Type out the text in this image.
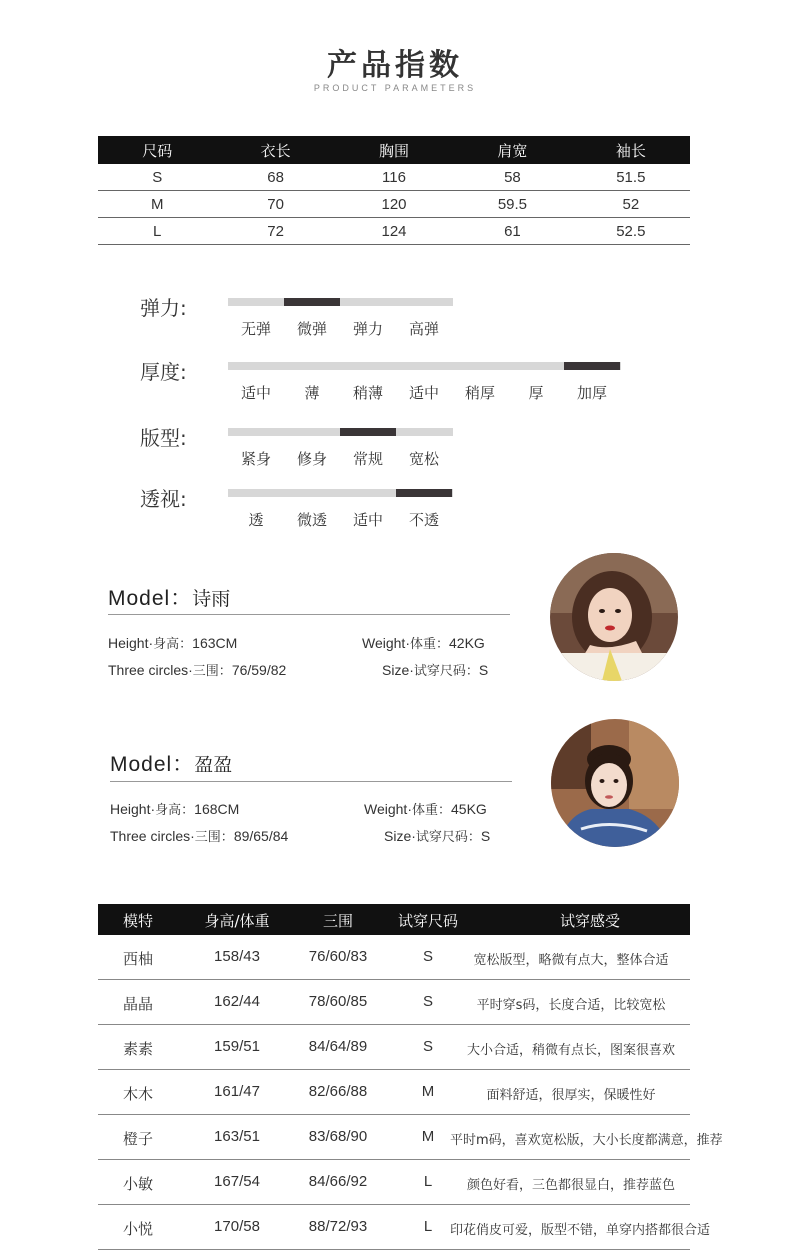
产品指数
PRODUCT PARAMETERS
尺码	衣长	胸围	肩宽	袖长
S	68	116	58	51.5
M	70	120	59.5	52
L	72	124	61	52.5
弹力:
无弹	微弹	弹力	高弹
厚度:
适中	薄	稍薄	适中	稍厚	厚	加厚
版型:
紧身	修身	常规	宽松
透视:
透	微透	适中	不透
Model：诗雨
Height·身高：163CM	Weight·体重：42KG
Three circles·三围：76/59/82	Size·试穿尺码：S
Model：盈盈
Height·身高：168CM	Weight·体重：45KG
Three circles·三围：89/65/84	Size·试穿尺码：S
模特	身高/体重	三围	试穿尺码	试穿感受
西柚	158/43	76/60/83	S	宽松版型，略微有点大，整体合适
晶晶	162/44	78/60/85	S	平时穿s码，长度合适，比较宽松
素素	159/51	84/64/89	S	大小合适，稍微有点长，图案很喜欢
木木	161/47	82/66/88	M	面料舒适，很厚实，保暖性好
橙子	163/51	83/68/90	M	平时m码，喜欢宽松版，大小长度都满意，推荐
小敏	167/54	84/66/92	L	颜色好看，三色都很显白，推荐蓝色
小悦	170/58	88/72/93	L	印花俏皮可爱，版型不错，单穿内搭都很合适
